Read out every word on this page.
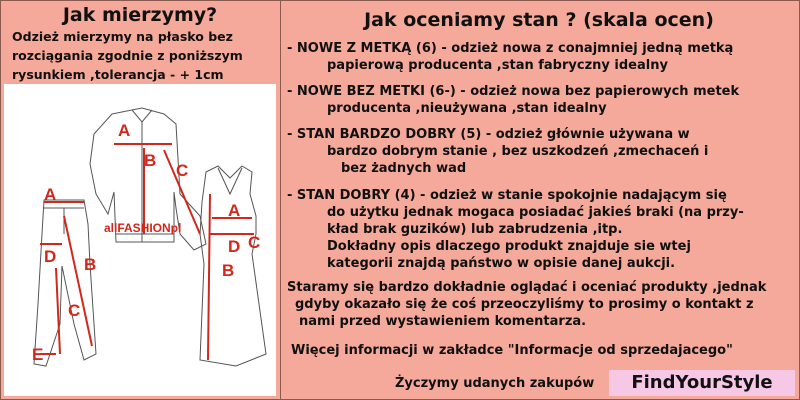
Jak mierzymy?
Odzież mierzymy na płasko bez rozciągania zgodnie z poniższym rysunkiem ,tolerancja - + 1cm
A
B
C
A
D B
C
E
A
C
D
B
allFASHIONpl
Jak oceniamy stan ? (skala ocen)
- NOWE Z METKĄ (6) - odzież nowa z conajmniej jedną metką
papierową producenta ,stan fabryczny idealny
- NOWE BEZ METKI (6-) - odzież nowa bez papierowych metek
producenta ,nieużywana ,stan idealny
- STAN BARDZO DOBRY (5) - odzież głównie używana w
bardzo dobrym stanie , bez uszkodzeń ,zmechaceń i
bez żadnych wad
- STAN DOBRY (4) - odzież w stanie spokojnie nadającym się
do użytku jednak mogaca posiadać jakieś braki (na przy-
kład brak guzików) lub zabrudzenia ,itp.
Dokładny opis dlaczego produkt znajduje sie wtej
kategorii znajdą państwo w opisie danej aukcji.
Staramy się bardzo dokładnie oglądać i oceniać produkty ,jednak
gdyby okazało się że coś przeoczyliśmy to prosimy o kontakt z
nami przed wystawieniem komentarza.
Więcej informacji w zakładce "Informacje od sprzedajacego"
Życzymy udanych zakupów	FindYourStyle
